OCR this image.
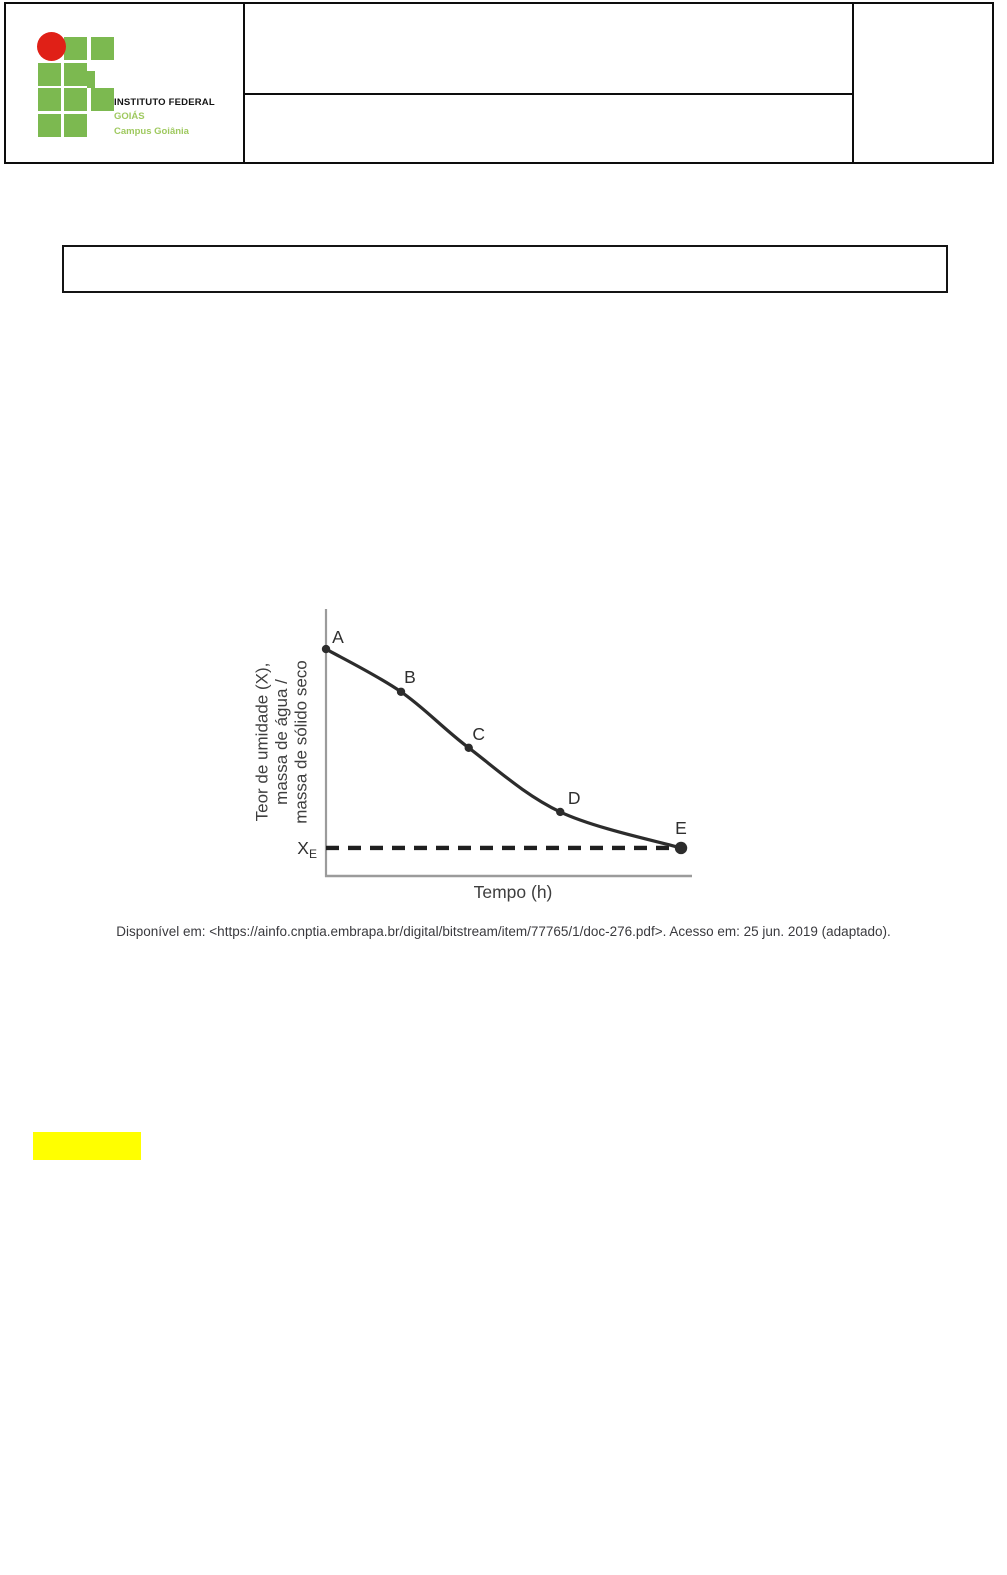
INSTITUTO FEDERAL
GOIÁS
Campus Goiânia
A
B
C
D
E
$X_E$
Tempo (h)
Teor de umidade (X), massa de água / massa de sólido seco
Disponível em: <https://ainfo.cnptia.embrapa.br/digital/bitstream/item/77765/1/doc-276.pdf>. Acesso em: 25 jun. 2019 (adaptado).
